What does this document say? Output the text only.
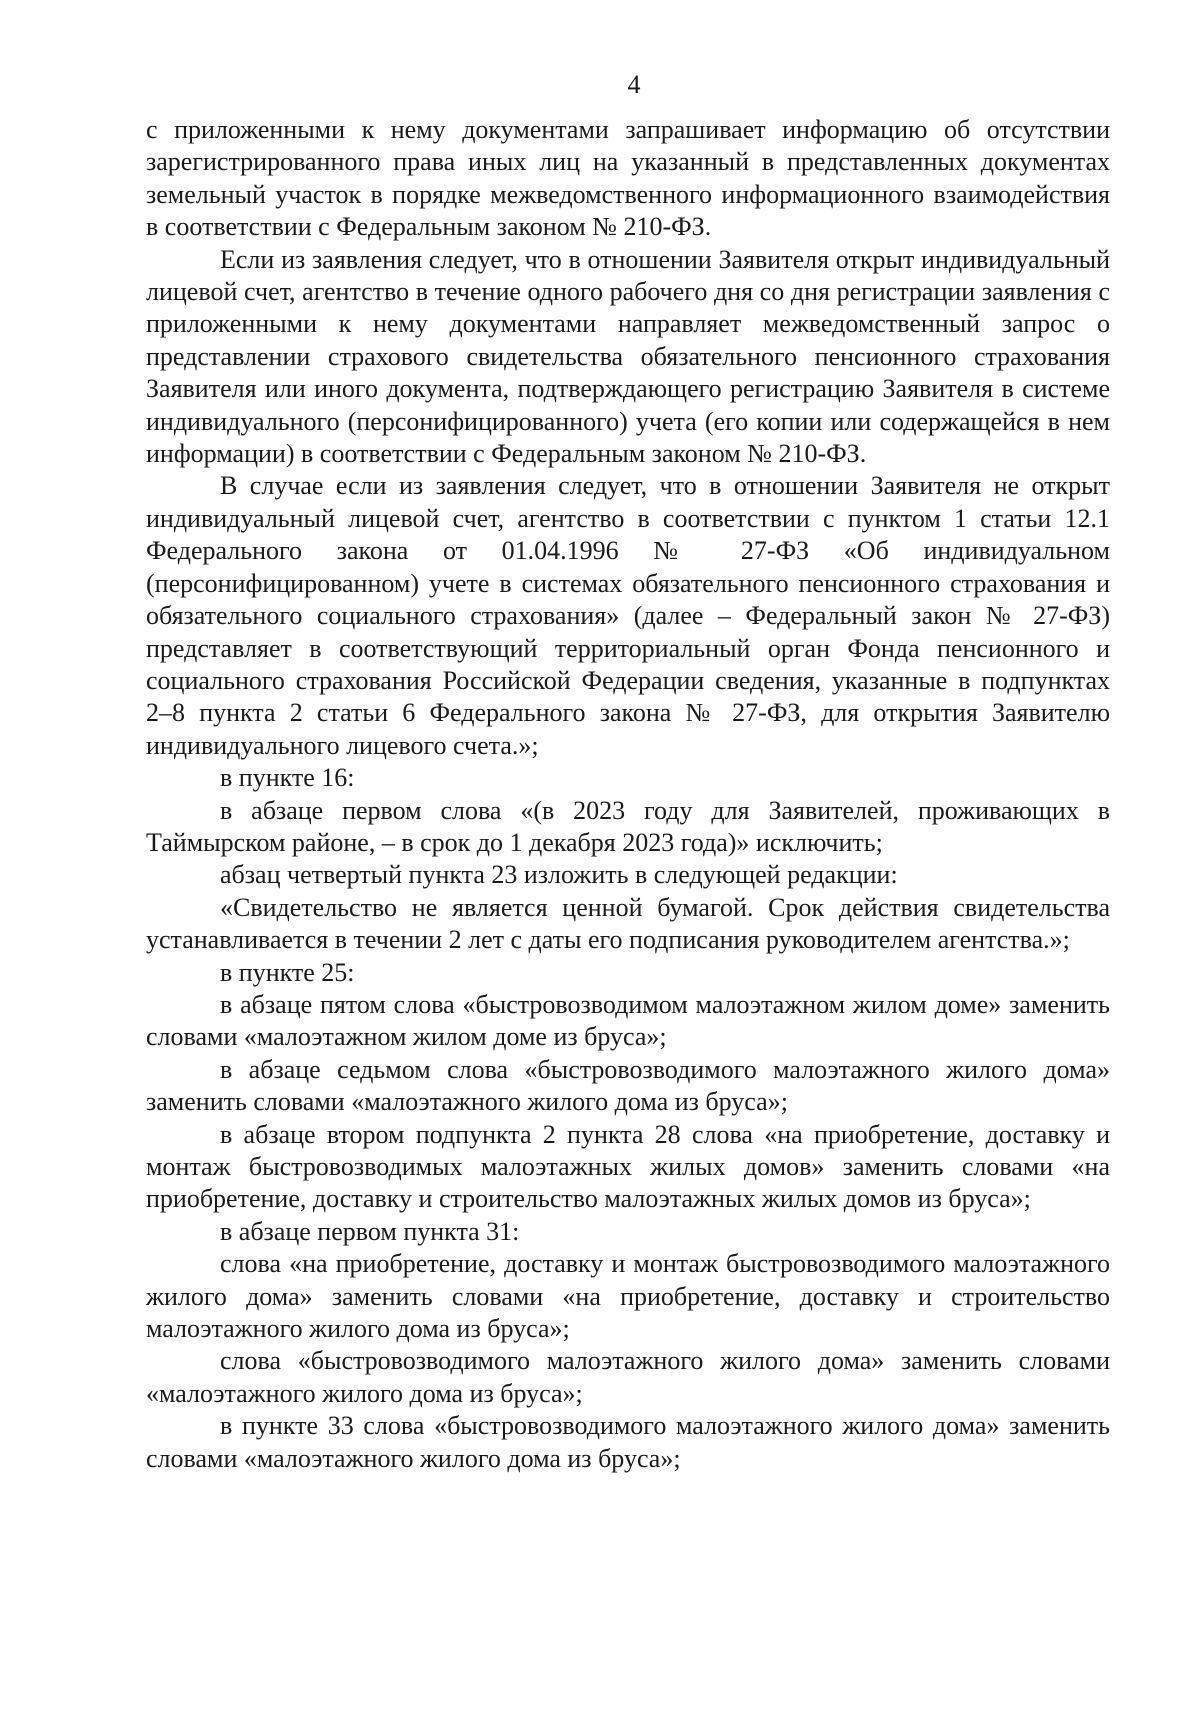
4

с приложенными к нему документами запрашивает информацию об отсутствии зарегистрированного права иных лиц на указанный в представленных документах земельный участок в порядке межведомственного информационного взаимодействия в соответствии с Федеральным законом № 210-ФЗ.

Если из заявления следует, что в отношении Заявителя открыт индивидуальный лицевой счет, агентство в течение одного рабочего дня со дня регистрации заявления с приложенными к нему документами направляет межведомственный запрос о представлении страхового свидетельства обязательного пенсионного страхования Заявителя или иного документа, подтверждающего регистрацию Заявителя в системе индивидуального (персонифицированного) учета (его копии или содержащейся в нем информации) в соответствии с Федеральным законом № 210-ФЗ.

В случае если из заявления следует, что в отношении Заявителя не открыт индивидуальный лицевой счет, агентство в соответствии с пунктом 1 статьи 12.1 Федерального закона от 01.04.1996 № 27-ФЗ «Об индивидуальном (персонифицированном) учете в системах обязательного пенсионного страхования и обязательного социального страхования» (далее – Федеральный закон № 27-ФЗ) представляет в соответствующий территориальный орган Фонда пенсионного и социального страхования Российской Федерации сведения, указанные в подпунктах 2–8 пункта 2 статьи 6 Федерального закона № 27-ФЗ, для открытия Заявителю индивидуального лицевого счета.»;

в пункте 16:

в абзаце первом слова «(в 2023 году для Заявителей, проживающих в Таймырском районе, – в срок до 1 декабря 2023 года)» исключить;

абзац четвертый пункта 23 изложить в следующей редакции:

«Свидетельство не является ценной бумагой. Срок действия свидетельства устанавливается в течении 2 лет с даты его подписания руководителем агентства.»;

в пункте 25:

в абзаце пятом слова «быстровозводимом малоэтажном жилом доме» заменить словами «малоэтажном жилом доме из бруса»;

в абзаце седьмом слова «быстровозводимого малоэтажного жилого дома» заменить словами «малоэтажного жилого дома из бруса»;

в абзаце втором подпункта 2 пункта 28 слова «на приобретение, доставку и монтаж быстровозводимых малоэтажных жилых домов» заменить словами «на приобретение, доставку и строительство малоэтажных жилых домов из бруса»;

в абзаце первом пункта 31:

слова «на приобретение, доставку и монтаж быстровозводимого малоэтажного жилого дома» заменить словами «на приобретение, доставку и строительство малоэтажного жилого дома из бруса»;

слова «быстровозводимого малоэтажного жилого дома» заменить словами «малоэтажного жилого дома из бруса»;

в пункте 33 слова «быстровозводимого малоэтажного жилого дома» заменить словами «малоэтажного жилого дома из бруса»;
